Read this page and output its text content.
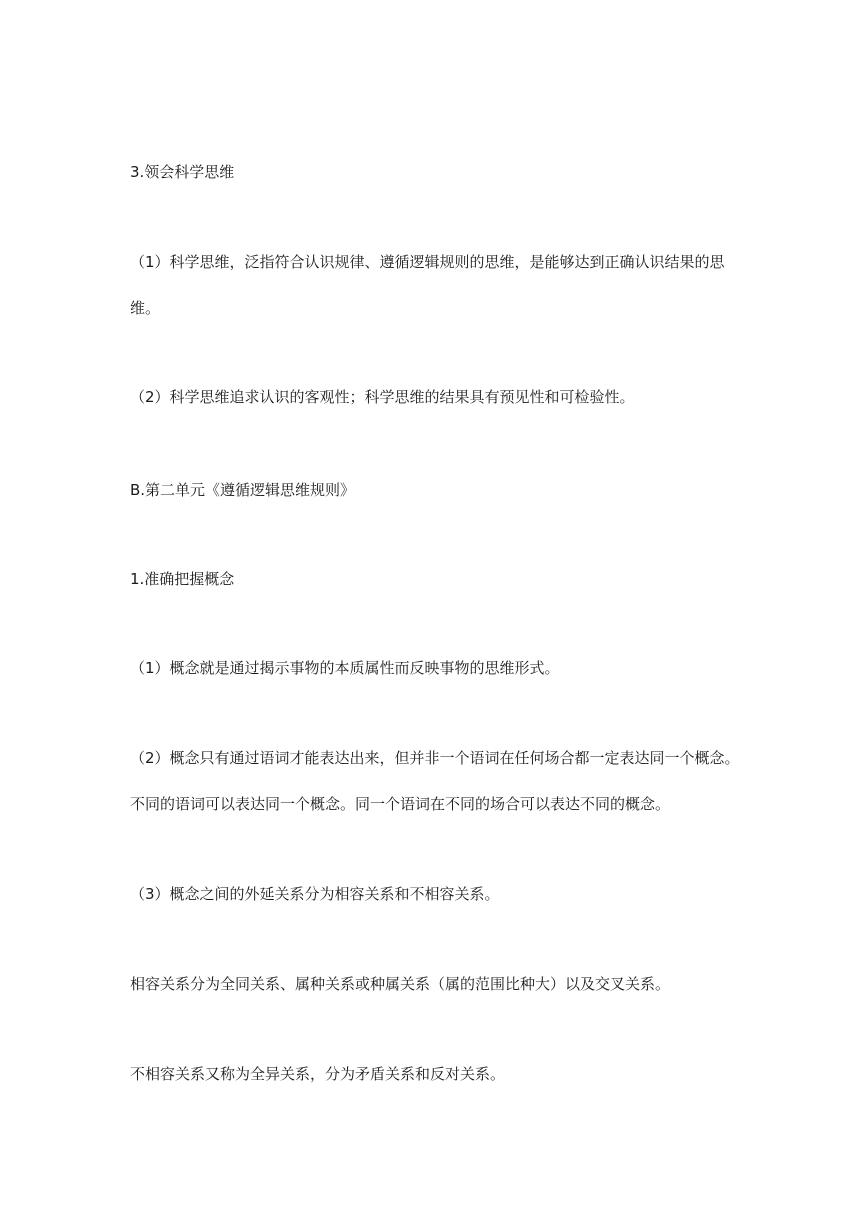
3.领会科学思维
（1）科学思维，泛指符合认识规律、遵循逻辑规则的思维，是能够达到正确认识结果的思
维。
（2）科学思维追求认识的客观性；科学思维的结果具有预见性和可检验性。
B.第二单元《遵循逻辑思维规则》
1.准确把握概念
（1）概念就是通过揭示事物的本质属性而反映事物的思维形式。
（2）概念只有通过语词才能表达出来，但并非一个语词在任何场合都一定表达同一个概念。
不同的语词可以表达同一个概念。同一个语词在不同的场合可以表达不同的概念。
（3）概念之间的外延关系分为相容关系和不相容关系。
相容关系分为全同关系、属种关系或种属关系（属的范围比种大）以及交叉关系。
不相容关系又称为全异关系，分为矛盾关系和反对关系。
